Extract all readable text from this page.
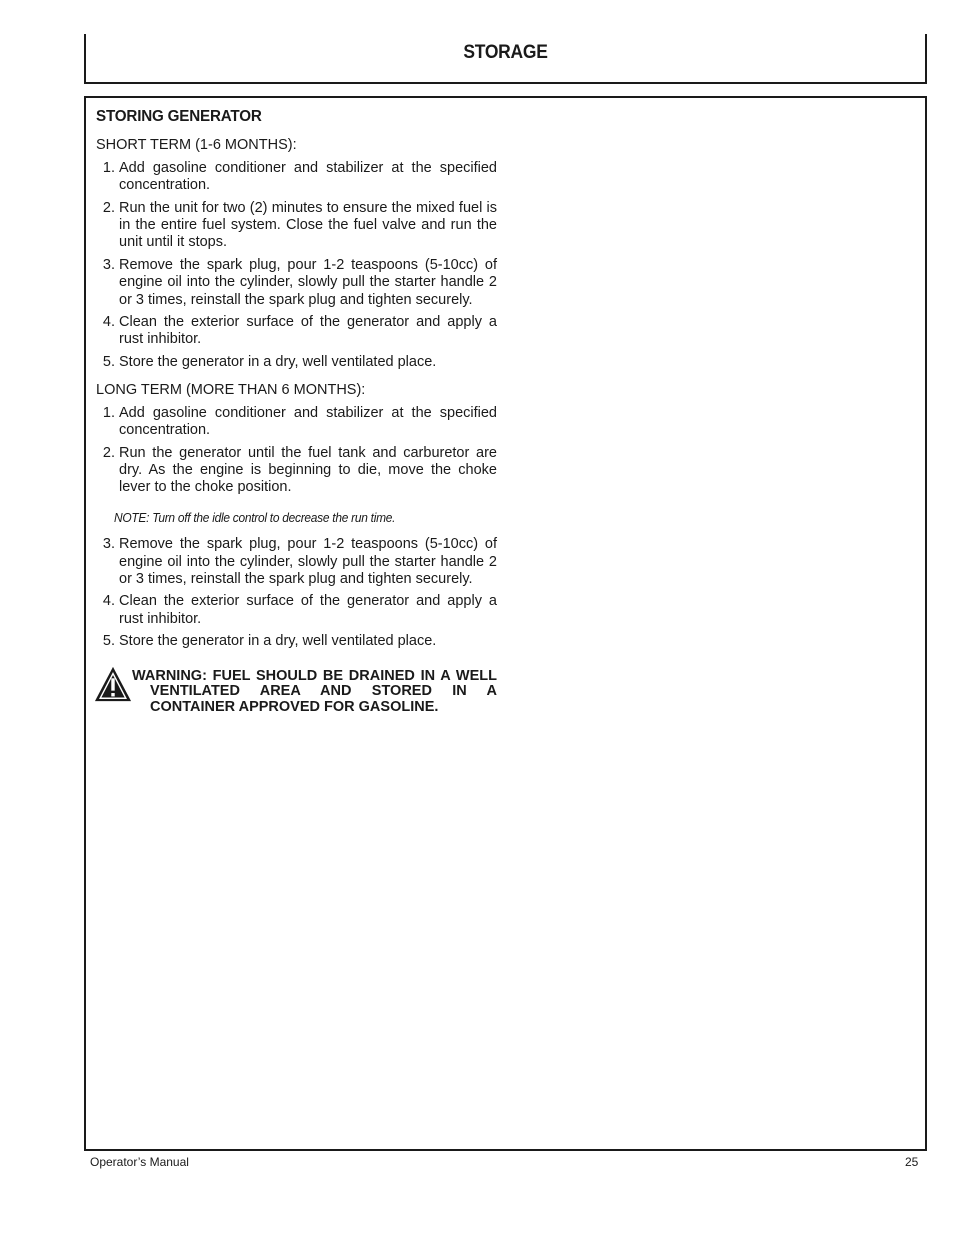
STORAGE
STORING GENERATOR
SHORT TERM (1-6 MONTHS):
1. Add gasoline conditioner and stabilizer at the specified concentration.
2. Run the unit for two (2) minutes to ensure the mixed fuel is in the entire fuel system. Close the fuel valve and run the unit until it stops.
3. Remove the spark plug, pour 1-2 teaspoons (5-10cc) of engine oil into the cylinder, slowly pull the starter handle 2 or 3 times, reinstall the spark plug and tighten securely.
4. Clean the exterior surface of the generator and apply a rust inhibitor.
5. Store the generator in a dry, well ventilated place.
LONG TERM (MORE THAN 6 MONTHS):
1. Add gasoline conditioner and stabilizer at the specified concentration.
2. Run the generator until the fuel tank and carburetor are dry. As the engine is beginning to die, move the choke lever to the choke position.
NOTE: Turn off the idle control to decrease the run time.
3. Remove the spark plug, pour 1-2 teaspoons (5-10cc) of engine oil into the cylinder, slowly pull the starter handle 2 or 3 times, reinstall the spark plug and tighten securely.
4. Clean the exterior surface of the generator and apply a rust inhibitor.
5. Store the generator in a dry, well ventilated place.
WARNING: FUEL SHOULD BE DRAINED IN A WELL VENTILATED AREA AND STORED IN A CONTAINER APPROVED FOR GASOLINE.
Operator’s Manual	25
